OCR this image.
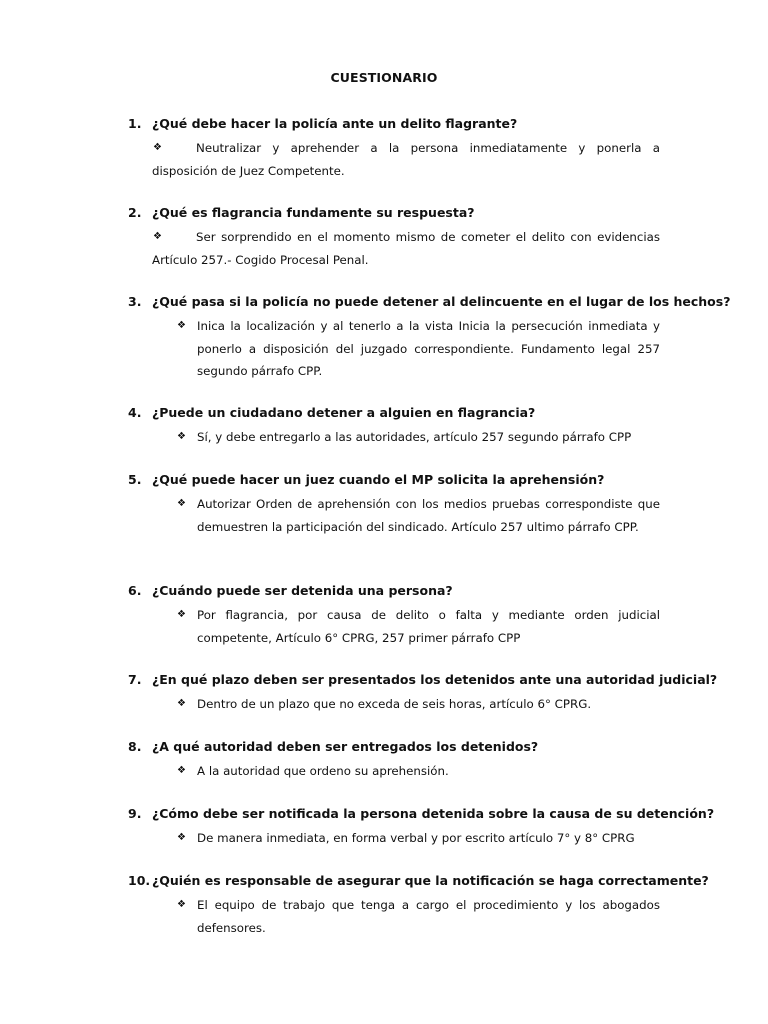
CUESTIONARIO
1. ¿Qué debe hacer la policía ante un delito flagrante?
❖	Neutralizar y aprehender a la persona inmediatamente y ponerla a disposición de Juez Competente.
2. ¿Qué es flagrancia fundamente su respuesta?
❖	Ser sorprendido en el momento mismo de cometer el delito con evidencias Artículo 257.- Cogido Procesal Penal.
3. ¿Qué pasa si la policía no puede detener al delincuente en el lugar de los hechos?
❖ Inica la localización y al tenerlo a la vista Inicia la persecución inmediata y ponerlo a disposición del juzgado correspondiente. Fundamento legal 257 segundo párrafo CPP.
4. ¿Puede un ciudadano detener a alguien en flagrancia?
❖ Sí, y debe entregarlo a las autoridades, artículo 257 segundo párrafo CPP
5. ¿Qué puede hacer un juez cuando el MP solicita la aprehensión?
❖ Autorizar Orden de aprehensión con los medios pruebas correspondiste que demuestren la participación del sindicado. Artículo 257 ultimo párrafo CPP.
6. ¿Cuándo puede ser detenida una persona?
❖ Por flagrancia, por causa de delito o falta y mediante orden judicial competente, Artículo 6° CPRG, 257 primer párrafo CPP
7. ¿En qué plazo deben ser presentados los detenidos ante una autoridad judicial?
❖ Dentro de un plazo que no exceda de seis horas, artículo 6° CPRG.
8. ¿A qué autoridad deben ser entregados los detenidos?
❖ A la autoridad que ordeno su aprehensión.
9. ¿Cómo debe ser notificada la persona detenida sobre la causa de su detención?
❖ De manera inmediata, en forma verbal y por escrito artículo 7° y 8° CPRG
10. ¿Quién es responsable de asegurar que la notificación se haga correctamente?
❖ El equipo de trabajo que tenga a cargo el procedimiento y los abogados defensores.
